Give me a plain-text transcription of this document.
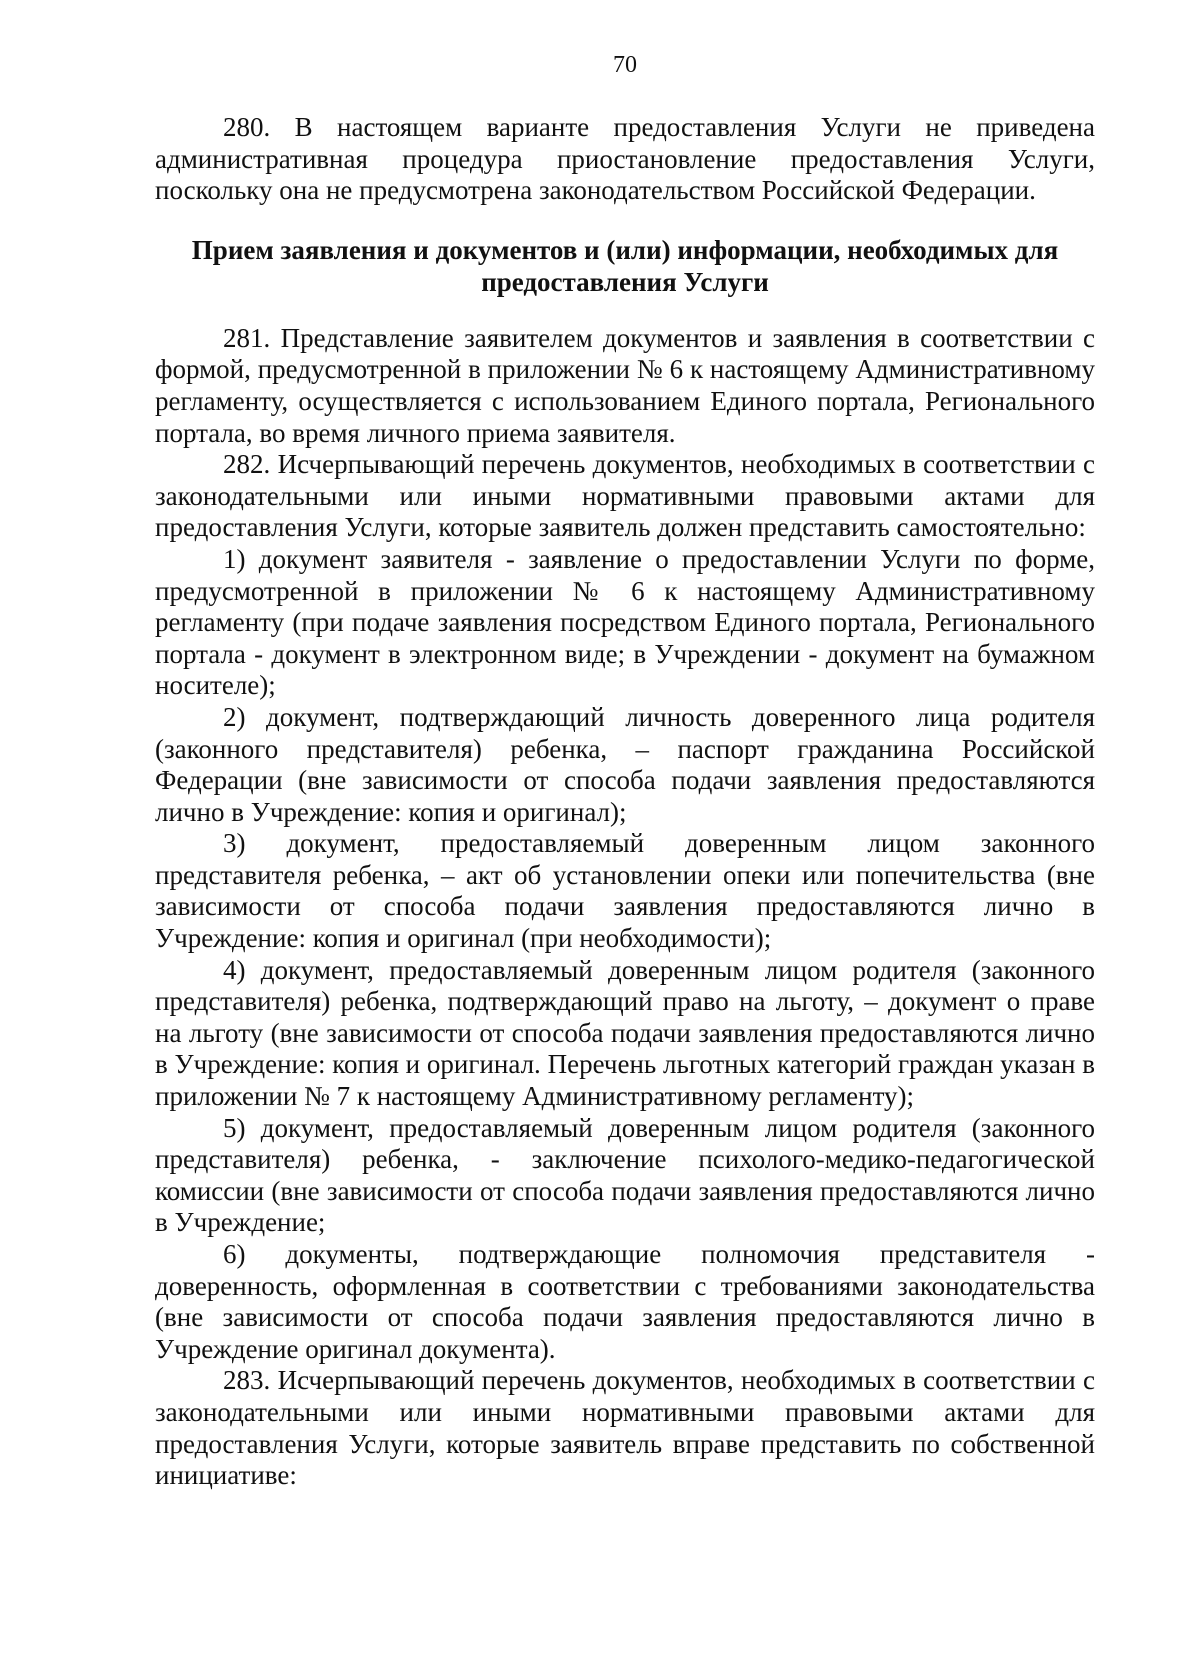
70

280. В настоящем варианте предоставления Услуги не приведена административная процедура приостановление предоставления Услуги, поскольку она не предусмотрена законодательством Российской Федерации.

Прием заявления и документов и (или) информации, необходимых для
предоставления Услуги

281. Представление заявителем документов и заявления в соответствии с формой, предусмотренной в приложении № 6 к настоящему Административному регламенту, осуществляется с использованием Единого портала, Регионального портала, во время личного приема заявителя.

282. Исчерпывающий перечень документов, необходимых в соответствии с законодательными или иными нормативными правовыми актами для предоставления Услуги, которые заявитель должен представить самостоятельно:

1) документ заявителя - заявление о предоставлении Услуги по форме, предусмотренной в приложении № 6 к настоящему Административному регламенту (при подаче заявления посредством Единого портала, Регионального портала - документ в электронном виде; в Учреждении - документ на бумажном носителе);

2) документ, подтверждающий личность доверенного лица родителя (законного представителя) ребенка, – паспорт гражданина Российской Федерации (вне зависимости от способа подачи заявления предоставляются лично в Учреждение: копия и оригинал);

3) документ, предоставляемый доверенным лицом законного представителя ребенка, – акт об установлении опеки или попечительства (вне зависимости от способа подачи заявления предоставляются лично в Учреждение: копия и оригинал (при необходимости);

4) документ, предоставляемый доверенным лицом родителя (законного представителя) ребенка, подтверждающий право на льготу, – документ о праве на льготу (вне зависимости от способа подачи заявления предоставляются лично в Учреждение: копия и оригинал. Перечень льготных категорий граждан указан в приложении № 7 к настоящему Административному регламенту);

5) документ, предоставляемый доверенным лицом родителя (законного представителя) ребенка, - заключение психолого-медико-педагогической комиссии (вне зависимости от способа подачи заявления предоставляются лично в Учреждение;

6) документы, подтверждающие полномочия представителя - доверенность, оформленная в соответствии с требованиями законодательства (вне зависимости от способа подачи заявления предоставляются лично в Учреждение оригинал документа).

283. Исчерпывающий перечень документов, необходимых в соответствии с законодательными или иными нормативными правовыми актами для предоставления Услуги, которые заявитель вправе представить по собственной инициативе:
